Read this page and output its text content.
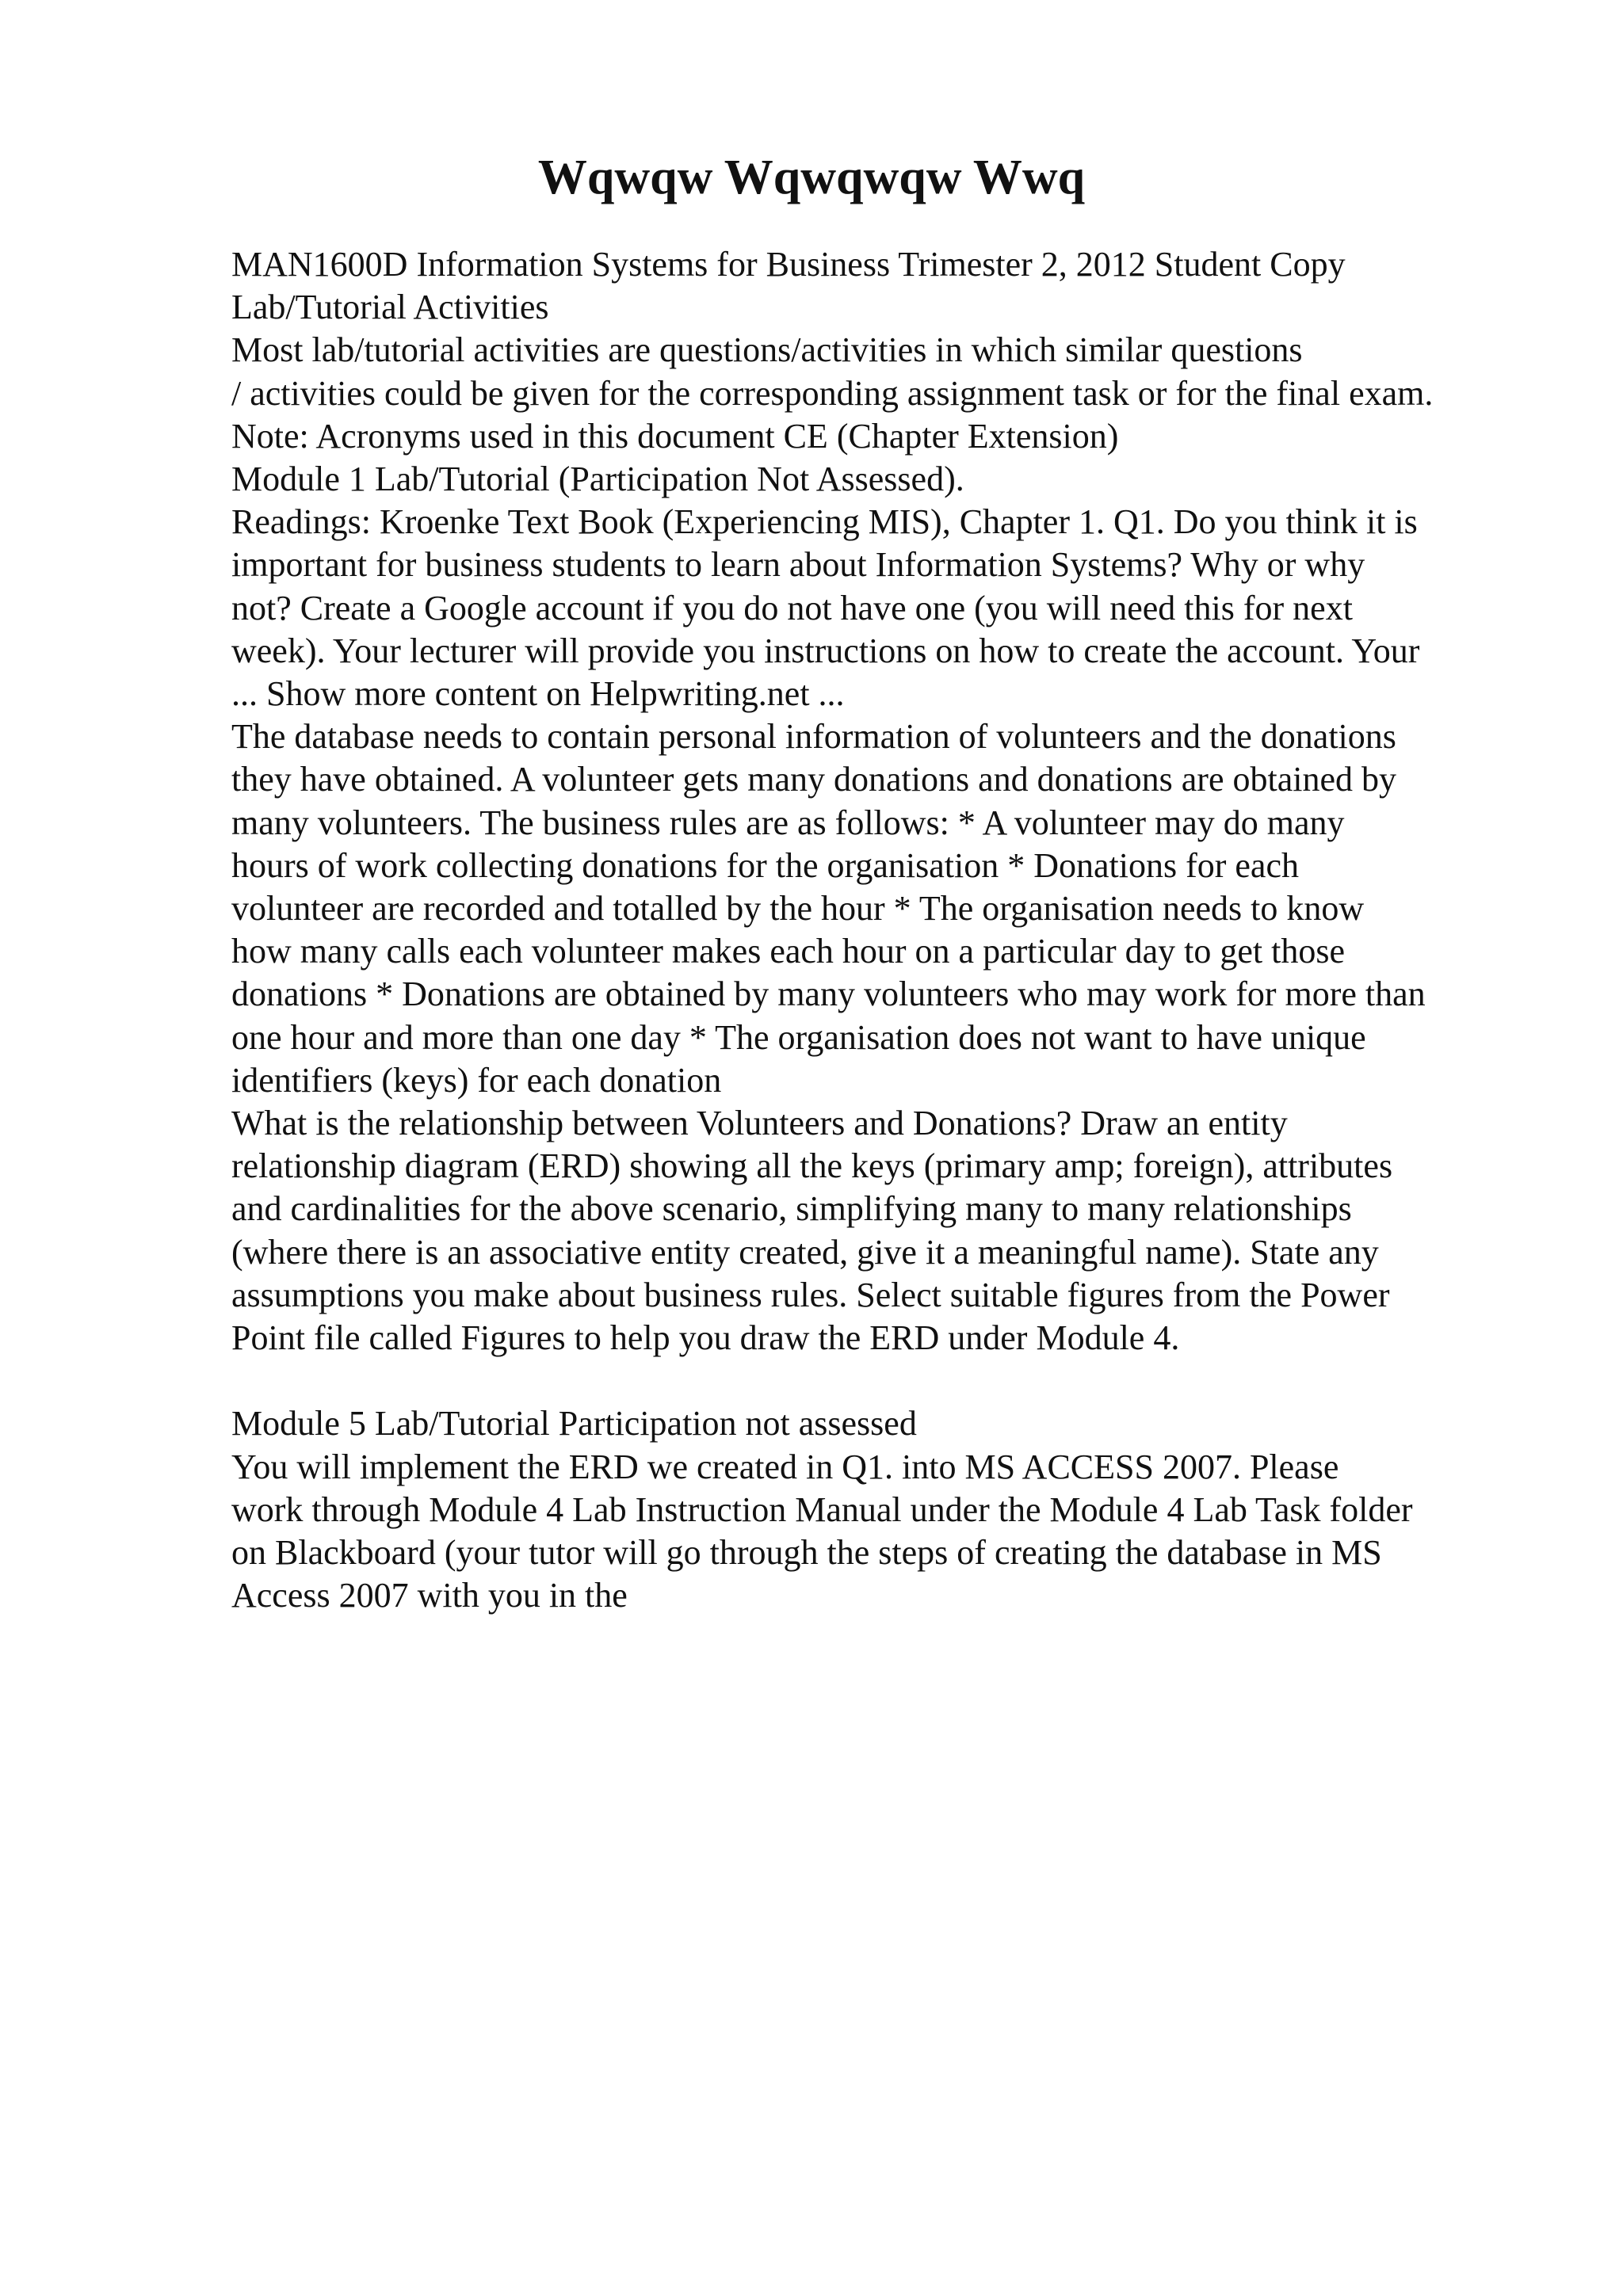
Wqwqw Wqwqwqw Wwq
MAN1600D Information Systems for Business Trimester 2, 2012 Student Copy
Lab/Tutorial Activities
Most lab/tutorial activities are questions/activities in which similar questions
/ activities could be given for the corresponding assignment task or for the final exam.
Note: Acronyms used in this document CE (Chapter Extension)
Module 1 Lab/Tutorial (Participation Not Assessed).
Readings: Kroenke Text Book (Experiencing MIS), Chapter 1. Q1. Do you think it is
important for business students to learn about Information Systems? Why or why
not? Create a Google account if you do not have one (you will need this for next
week). Your lecturer will provide you instructions on how to create the account. Your
... Show more content on Helpwriting.net ...
The database needs to contain personal information of volunteers and the donations
they have obtained. A volunteer gets many donations and donations are obtained by
many volunteers. The business rules are as follows: * A volunteer may do many
hours of work collecting donations for the organisation * Donations for each
volunteer are recorded and totalled by the hour * The organisation needs to know
how many calls each volunteer makes each hour on a particular day to get those
donations * Donations are obtained by many volunteers who may work for more than
one hour and more than one day * The organisation does not want to have unique
identifiers (keys) for each donation
What is the relationship between Volunteers and Donations? Draw an entity
relationship diagram (ERD) showing all the keys (primary amp; foreign), attributes
and cardinalities for the above scenario, simplifying many to many relationships
(where there is an associative entity created, give it a meaningful name). State any
assumptions you make about business rules. Select suitable figures from the Power
Point file called Figures to help you draw the ERD under Module 4.
Module 5 Lab/Tutorial Participation not assessed
You will implement the ERD we created in Q1. into MS ACCESS 2007. Please
work through Module 4 Lab Instruction Manual under the Module 4 Lab Task folder
on Blackboard (your tutor will go through the steps of creating the database in MS
Access 2007 with you in the
